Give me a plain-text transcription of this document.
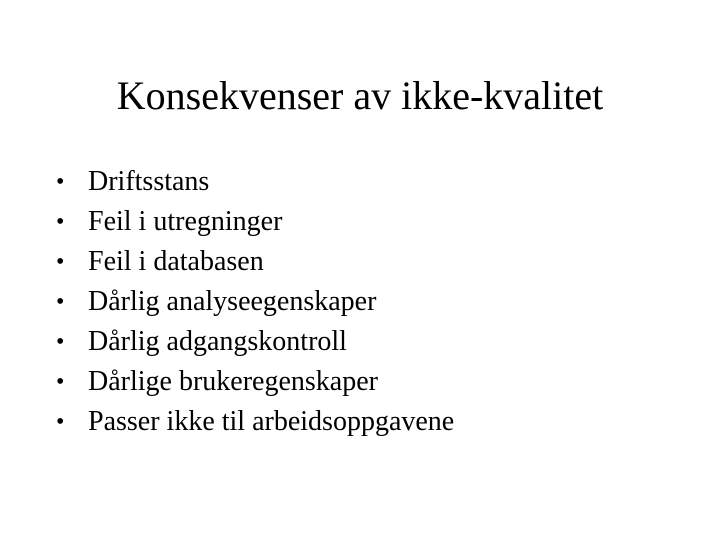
Konsekvenser av ikke-kvalitet
• Driftsstans
• Feil i utregninger
• Feil i databasen
• Dårlig analyseegenskaper
• Dårlig adgangskontroll
• Dårlige brukeregenskaper
• Passer ikke til arbeidsoppgavene
